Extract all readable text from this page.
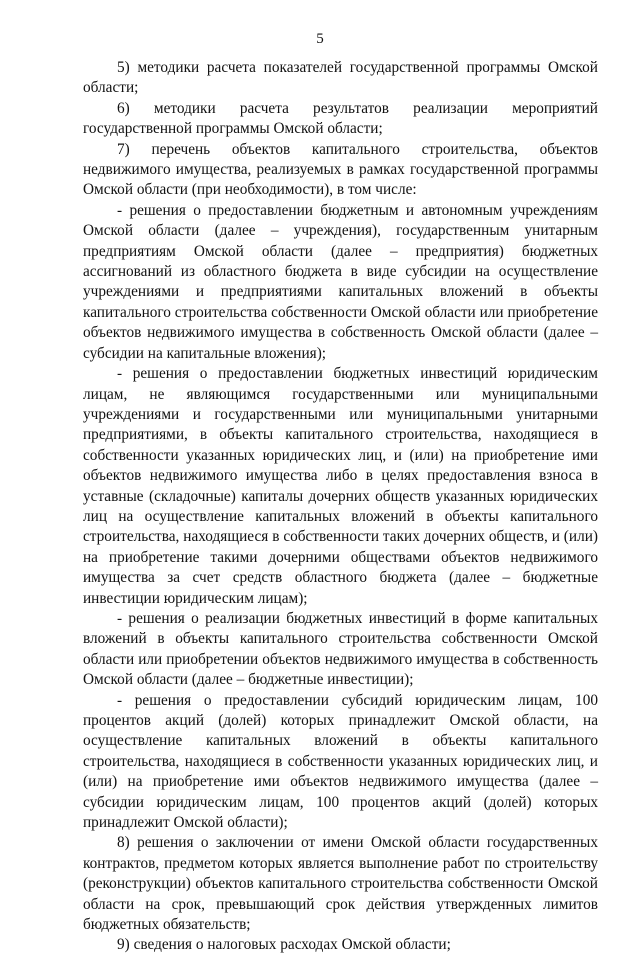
5

5) методики расчета показателей государственной программы Омской области;

6) методики расчета результатов реализации мероприятий государственной программы Омской области;

7) перечень объектов капитального строительства, объектов недвижимого имущества, реализуемых в рамках государственной программы Омской области (при необходимости), в том числе:

- решения о предоставлении бюджетным и автономным учреждениям Омской области (далее – учреждения), государственным унитарным предприятиям Омской области (далее – предприятия) бюджетных ассигнований из областного бюджета в виде субсидии на осуществление учреждениями и предприятиями капитальных вложений в объекты капитального строительства собственности Омской области или приобретение объектов недвижимого имущества в собственность Омской области (далее – субсидии на капитальные вложения);

- решения о предоставлении бюджетных инвестиций юридическим лицам, не являющимся государственными или муниципальными учреждениями и государственными или муниципальными унитарными предприятиями, в объекты капитального строительства, находящиеся в собственности указанных юридических лиц, и (или) на приобретение ими объектов недвижимого имущества либо в целях предоставления взноса в уставные (складочные) капиталы дочерних обществ указанных юридических лиц на осуществление капитальных вложений в объекты капитального строительства, находящиеся в собственности таких дочерних обществ, и (или) на приобретение такими дочерними обществами объектов недвижимого имущества за счет средств областного бюджета (далее – бюджетные инвестиции юридическим лицам);

- решения о реализации бюджетных инвестиций в форме капитальных вложений в объекты капитального строительства собственности Омской области или приобретении объектов недвижимого имущества в собственность Омской области (далее – бюджетные инвестиции);

- решения о предоставлении субсидий юридическим лицам, 100 процентов акций (долей) которых принадлежит Омской области, на осуществление капитальных вложений в объекты капитального строительства, находящиеся в собственности указанных юридических лиц, и (или) на приобретение ими объектов недвижимого имущества (далее – субсидии юридическим лицам, 100 процентов акций (долей) которых принадлежит Омской области);

8) решения о заключении от имени Омской области государственных контрактов, предметом которых является выполнение работ по строительству (реконструкции) объектов капитального строительства собственности Омской области на срок, превышающий срок действия утвержденных лимитов бюджетных обязательств;

9) сведения о налоговых расходах Омской области;
